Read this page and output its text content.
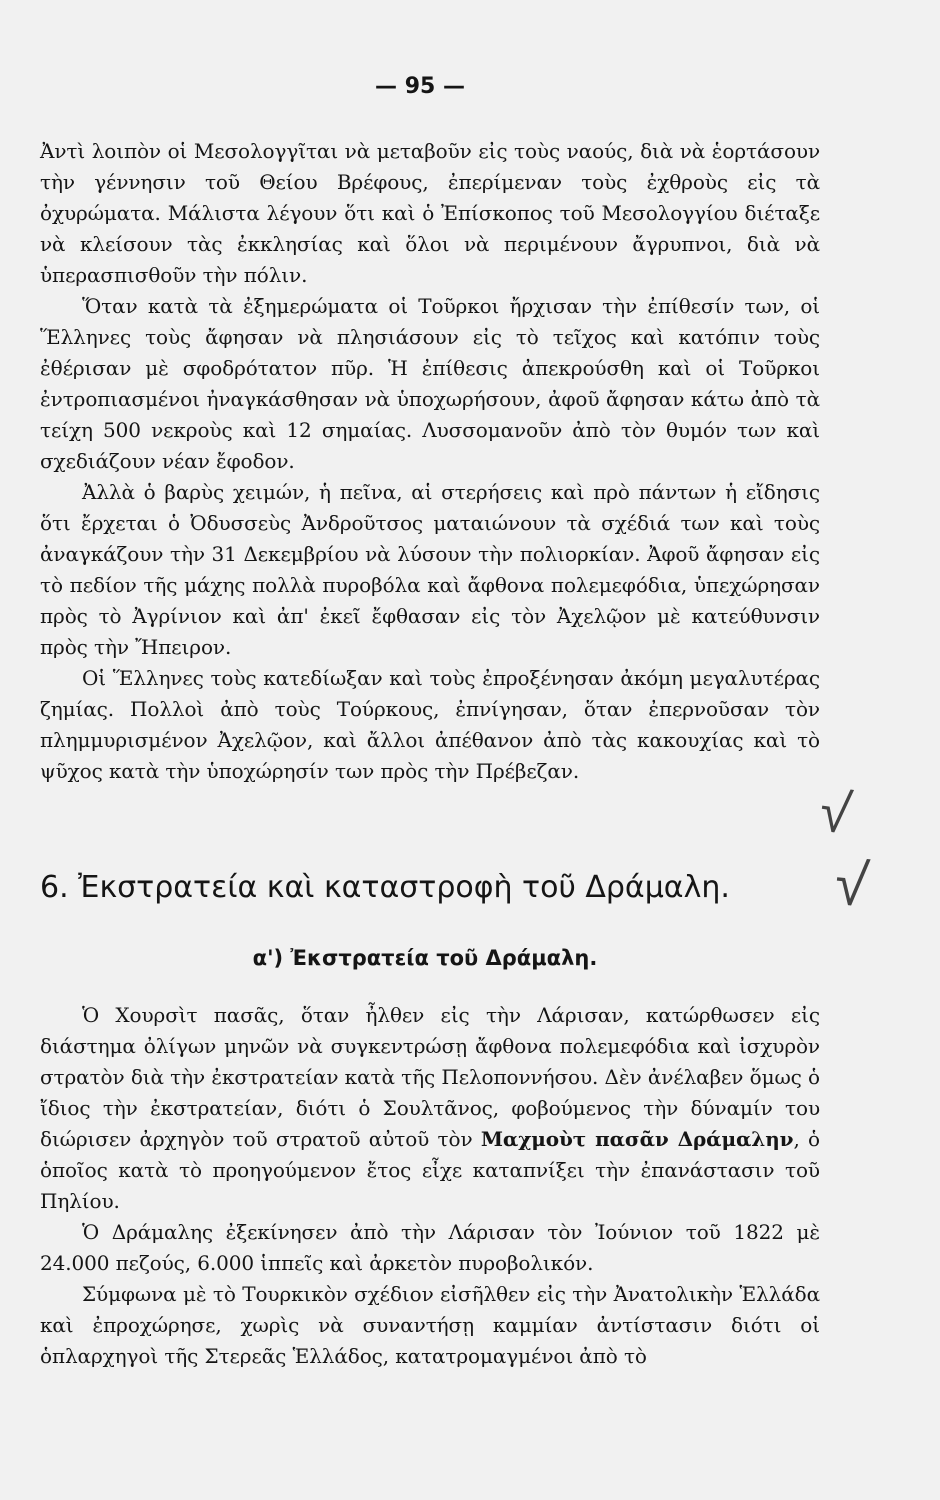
— 95 —

Ἀντὶ λοιπὸν οἱ Μεσολογγῖται νὰ μεταβοῦν εἰς τοὺς ναούς, διὰ νὰ ἑορτάσουν τὴν γέννησιν τοῦ Θείου Βρέφους, ἐπερίμεναν τοὺς ἐχθροὺς εἰς τὰ ὀχυρώματα. Μάλιστα λέγουν ὅτι καὶ ὁ Ἐπίσκοπος τοῦ Μεσολογγίου διέταξε νὰ κλείσουν τὰς ἐκκλησίας καὶ ὅλοι νὰ περιμένουν ἄγρυπνοι, διὰ νὰ ὑπερασπισθοῦν τὴν πόλιν.

Ὅταν κατὰ τὰ ἐξημερώματα οἱ Τοῦρκοι ἤρχισαν τὴν ἐπίθεσίν των, οἱ Ἕλληνες τοὺς ἄφησαν νὰ πλησιάσουν εἰς τὸ τεῖχος καὶ κατόπιν τοὺς ἐθέρισαν μὲ σφοδρότατον πῦρ. Ἡ ἐπίθεσις ἀπεκρούσθη καὶ οἱ Τοῦρκοι ἐντροπιασμένοι ἠναγκάσθησαν νὰ ὑποχωρήσουν, ἀφοῦ ἄφησαν κάτω ἀπὸ τὰ τείχη 500 νεκροὺς καὶ 12 σημαίας. Λυσσομανοῦν ἀπὸ τὸν θυμόν των καὶ σχεδιάζουν νέαν ἔφοδον.

Ἀλλὰ ὁ βαρὺς χειμών, ἡ πεῖνα, αἱ στερήσεις καὶ πρὸ πάντων ἡ εἴδησις ὅτι ἔρχεται ὁ Ὀδυσσεὺς Ἀνδροῦτσος ματαιώνουν τὰ σχέδιά των καὶ τοὺς ἀναγκάζουν τὴν 31 Δεκεμβρίου νὰ λύσουν τὴν πολιορκίαν. Ἀφοῦ ἄφησαν εἰς τὸ πεδίον τῆς μάχης πολλὰ πυροβόλα καὶ ἄφθονα πολεμεφόδια, ὑπεχώρησαν πρὸς τὸ Ἀγρίνιον καὶ ἀπ' ἐκεῖ ἔφθασαν εἰς τὸν Ἀχελῷον μὲ κατεύθυνσιν πρὸς τὴν Ἤπειρον.

Οἱ Ἕλληνες τοὺς κατεδίωξαν καὶ τοὺς ἐπροξένησαν ἀκόμη μεγαλυτέρας ζημίας. Πολλοὶ ἀπὸ τοὺς Τούρκους, ἐπνίγησαν, ὅταν ἐπερνοῦσαν τὸν πλημμυρισμένον Ἀχελῷον, καὶ ἄλλοι ἀπέθανον ἀπὸ τὰς κακουχίας καὶ τὸ ψῦχος κατὰ τὴν ὑποχώρησίν των πρὸς τὴν Πρέβεζαν.

6. Ἐκστρατεία καὶ καταστροφὴ τοῦ Δράμαλη.
α') Ἐκστρατεία τοῦ Δράμαλη.

Ὁ Χουρσὶτ πασᾶς, ὅταν ἦλθεν εἰς τὴν Λάρισαν, κατώρθωσεν εἰς διάστημα ὀλίγων μηνῶν νὰ συγκεντρώσῃ ἄφθονα πολεμεφόδια καὶ ἰσχυρὸν στρατὸν διὰ τὴν ἐκστρατείαν κατὰ τῆς Πελοποννήσου. Δὲν ἀνέλαβεν ὅμως ὁ ἴδιος τὴν ἐκστρατείαν, διότι ὁ Σουλτᾶνος, φοβούμενος τὴν δύναμίν του διώρισεν ἀρχηγὸν τοῦ στρατοῦ αὐτοῦ τὸν Μαχμοὺτ πασᾶν Δράμαλην, ὁ ὁποῖος κατὰ τὸ προηγούμενον ἔτος εἶχε καταπνίξει τὴν ἐπανάστασιν τοῦ Πηλίου.

Ὁ Δράμαλης ἐξεκίνησεν ἀπὸ τὴν Λάρισαν τὸν Ἰούνιον τοῦ 1822 μὲ 24.000 πεζούς, 6.000 ἱππεῖς καὶ ἀρκετὸν πυροβολικόν.

Σύμφωνα μὲ τὸ Τουρκικὸν σχέδιον εἰσῆλθεν εἰς τὴν Ἀνατολικὴν Ἑλλάδα καὶ ἐπροχώρησε, χωρὶς νὰ συναντήσῃ καμμίαν ἀντίστασιν διότι οἱ ὁπλαρχηγοὶ τῆς Στερεᾶς Ἑλλάδος, κατατρομαγμένοι ἀπὸ τὸ

√
√
